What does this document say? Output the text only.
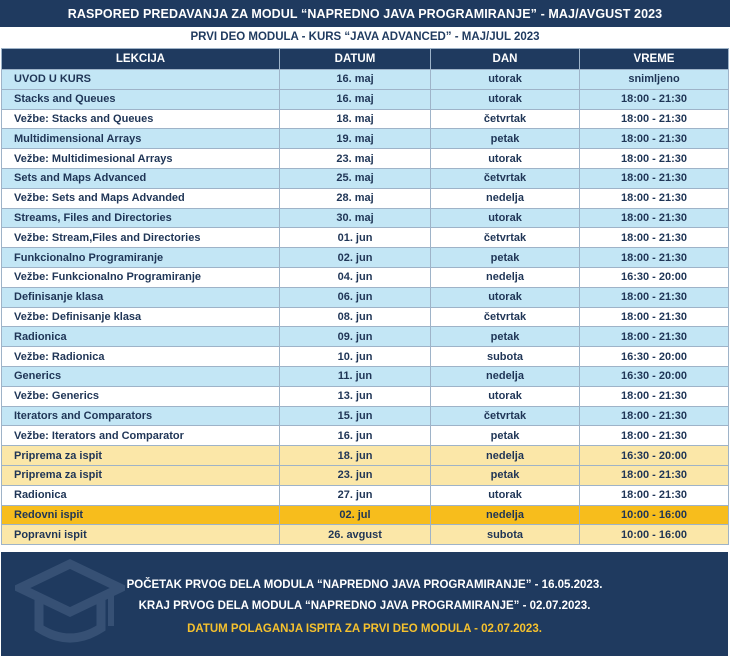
RASPORED PREDAVANJA ZA MODUL “NAPREDNO JAVA PROGRAMIRANJE” - MAJ/AVGUST 2023
PRVI DEO MODULA - KURS “JAVA ADVANCED” - MAJ/JUL 2023
LEKCIJA	DATUM	DAN	VREME
UVOD U KURS	16. maj	utorak	snimljeno
Stacks and Queues	16. maj	utorak	18:00 - 21:30
Vežbe: Stacks and Queues	18. maj	četvrtak	18:00 - 21:30
Multidimensional Arrays	19. maj	petak	18:00 - 21:30
Vežbe: Multidimesional Arrays	23. maj	utorak	18:00 - 21:30
Sets and Maps Advanced	25. maj	četvrtak	18:00 - 21:30
Vežbe: Sets and Maps Advanded	28. maj	nedelja	18:00 - 21:30
Streams, Files and Directories	30. maj	utorak	18:00 - 21:30
Vežbe: Stream,Files and Directories	01. jun	četvrtak	18:00 - 21:30
Funkcionalno Programiranje	02. jun	petak	18:00 - 21:30
Vežbe: Funkcionalno Programiranje	04. jun	nedelja	16:30 - 20:00
Definisanje klasa	06. jun	utorak	18:00 - 21:30
Vežbe: Definisanje klasa	08. jun	četvrtak	18:00 - 21:30
Radionica	09. jun	petak	18:00 - 21:30
Vežbe: Radionica	10. jun	subota	16:30 - 20:00
Generics	11. jun	nedelja	16:30 - 20:00
Vežbe: Generics	13. jun	utorak	18:00 - 21:30
Iterators and Comparators	15. jun	četvrtak	18:00 - 21:30
Vežbe: Iterators and Comparator	16. jun	petak	18:00 - 21:30
Priprema za ispit	18. jun	nedelja	16:30 - 20:00
Priprema za ispit	23. jun	petak	18:00 - 21:30
Radionica	27. jun	utorak	18:00 - 21:30
Redovni ispit	02. jul	nedelja	10:00 - 16:00
Popravni ispit	26. avgust	subota	10:00 - 16:00
POČETAK PRVOG DELA MODULA “NAPREDNO JAVA PROGRAMIRANJE” - 16.05.2023.
KRAJ PRVOG DELA MODULA “NAPREDNO JAVA PROGRAMIRANJE” - 02.07.2023.
DATUM POLAGANJA ISPITA ZA PRVI DEO MODULA - 02.07.2023.
